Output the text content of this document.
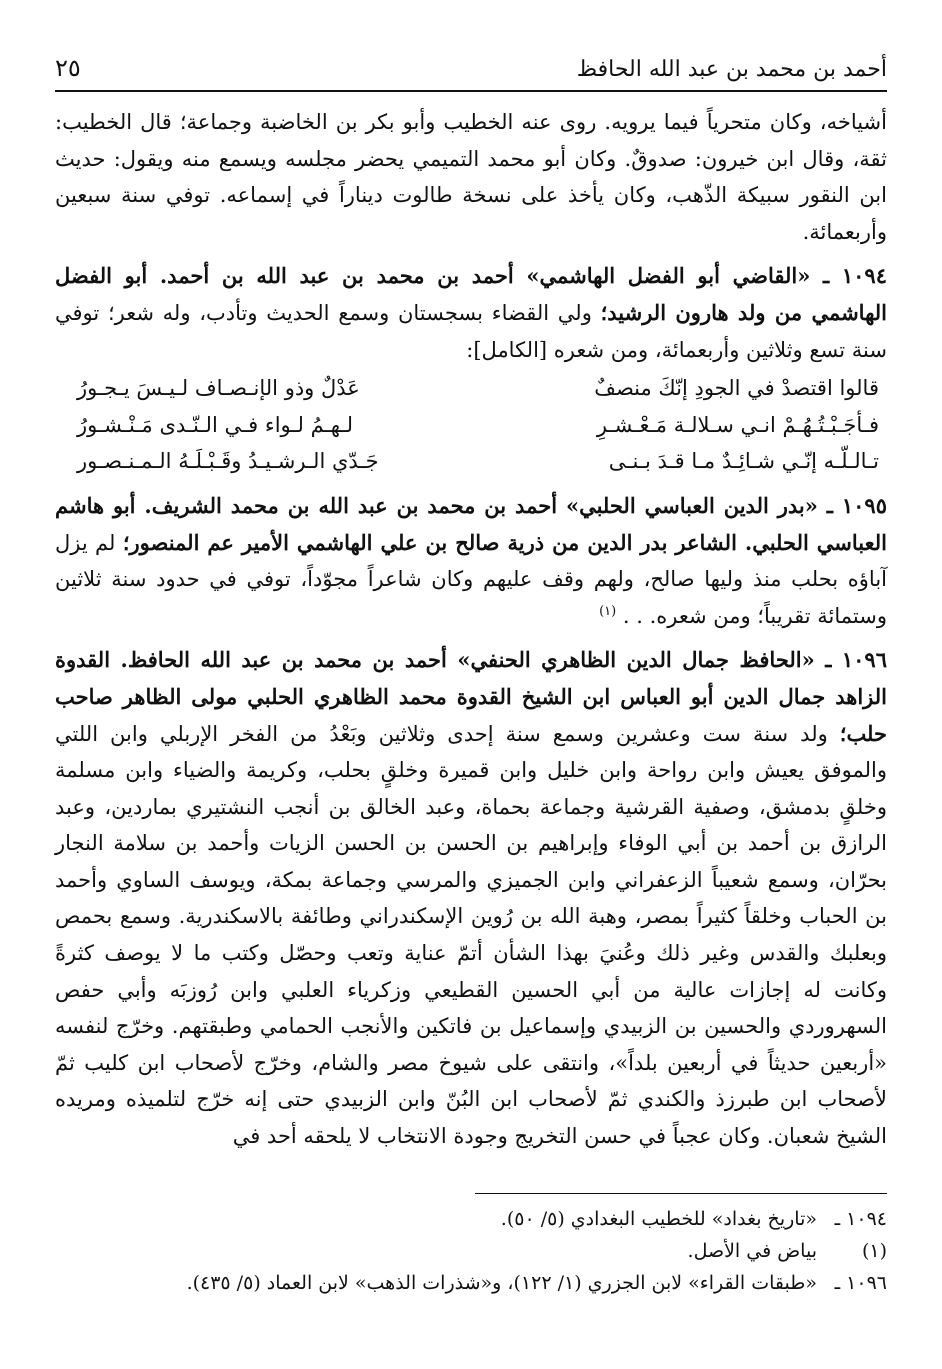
أحمد بن محمد بن عبد الله الحافظ
٢٥

أشياخه، وكان متحرياً فيما يرويه. روى عنه الخطيب وأبو بكر بن الخاضبة وجماعة؛ قال الخطيب: ثقة، وقال ابن خيرون: صدوقٌ. وكان أبو محمد التميمي يحضر مجلسه ويسمع منه ويقول: حديث ابن النقور سبيكة الذّهب، وكان يأخذ على نسخة طالوت ديناراً في إسماعه. توفي سنة سبعين وأربعمائة.

١٠٩٤ ـ «القاضي أبو الفضل الهاشمي» أحمد بن محمد بن عبد الله بن أحمد. أبو الفضل الهاشمي من ولد هارون الرشيد؛ ولي القضاء بسجستان وسمع الحديث وتأدب، وله شعر؛ توفي سنة تسع وثلاثين وأربعمائة، ومن شعره [الكامل]:

قالوا اقتصدْ في الجودِ إنّكَ منصفٌ
عَدْلٌ وذو الإنـصـاف لـيـسَ يـجـورُ
فـأجَـبْـتُـهُـمْ انـي سـلالـة مَـعْـشـرِ
لـهـمُ لـواء فـي الـنّـدى مَـنْـشـورُ
تـالـلّـه إنّـي شـائِـدٌ مـا قـدَ بـنـى
جَـدّي الـرشـيـدُ وقَـبْـلَـهُ الـمـنـصـور

١٠٩٥ ـ «بدر الدين العباسي الحلبي» أحمد بن محمد بن عبد الله بن محمد الشريف. أبو هاشم العباسي الحلبي. الشاعر بدر الدين من ذرية صالح بن علي الهاشمي الأمير عم المنصور؛ لم يزل آباؤه بحلب منذ وليها صالح، ولهم وقف عليهم وكان شاعراً مجوّداً، توفي في حدود سنة ثلاثين وستمائة تقريباً؛ ومن شعره. . . $^{(١)}$

١٠٩٦ ـ «الحافظ جمال الدين الظاهري الحنفي» أحمد بن محمد بن عبد الله الحافظ. القدوة الزاهد جمال الدين أبو العباس ابن الشيخ القدوة محمد الظاهري الحلبي مولى الظاهر صاحب حلب؛ ولد سنة ست وعشرين وسمع سنة إحدى وثلاثين وبَعْدُ من الفخر الإربلي وابن اللتي والموفق يعيش وابن رواحة وابن خليل وابن قميرة وخلقٍ بحلب، وكريمة والضياء وابن مسلمة وخلقٍ بدمشق، وصفية القرشية وجماعة بحماة، وعبد الخالق بن أنجب النشتيري بماردين، وعبد الرازق بن أحمد بن أبي الوفاء وإبراهيم بن الحسن بن الحسن الزيات وأحمد بن سلامة النجار بحرّان، وسمع شعيباً الزعفراني وابن الجميزي والمرسي وجماعة بمكة، ويوسف الساوي وأحمد بن الحباب وخلقاً كثيراً بمصر، وهبة الله بن رُوين الإسكندراني وطائفة بالاسكندرية. وسمع بحمص وبعلبك والقدس وغير ذلك وعُنيَ بهذا الشأن أتمّ عناية وتعب وحصّل وكتب ما لا يوصف كثرةً وكانت له إجازات عالية من أبي الحسين القطيعي وزكرياء العلبي وابن رُوزبَه وأبي حفص السهروردي والحسين بن الزبيدي وإسماعيل بن فاتكين والأنجب الحمامي وطبقتهم. وخرّج لنفسه «أربعين حديثاً في أربعين بلداً»، وانتقى على شيوخ مصر والشام، وخرّج لأصحاب ابن كليب ثمّ لأصحاب ابن طبرزذ والكندي ثمّ لأصحاب ابن البُنّ وابن الزبيدي حتى إنه خرّج لتلميذه ومريده الشيخ شعبان. وكان عجباً في حسن التخريج وجودة الانتخاب لا يلحقه أحد في

١٠٩٤ ـ«تاريخ بغداد» للخطيب البغدادي (٥/ ٥٠).

(١)بياض في الأصل.

١٠٩٦ ـ«طبقات القراء» لابن الجزري (١/ ١٢٢)، و«شذرات الذهب» لابن العماد (٥/ ٤٣٥).
